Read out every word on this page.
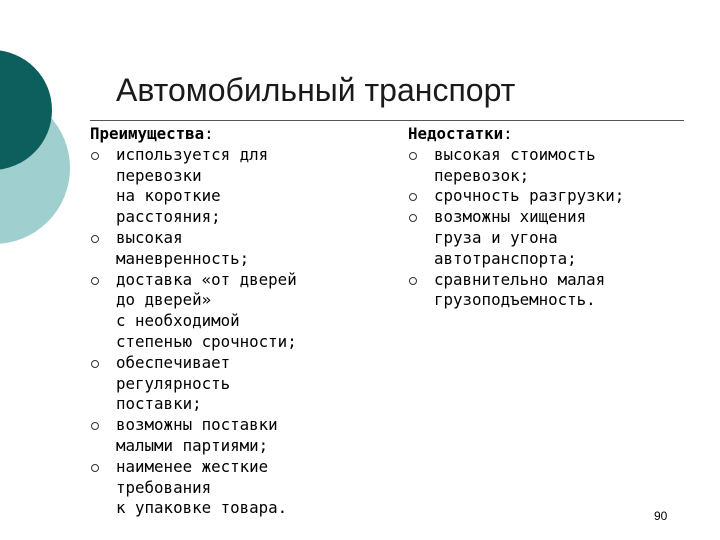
Автомобильный транспорт

Преимущества:

используется для
перевозки
на короткие
расстояния;
высокая
маневренность;
доставка «от дверей
до дверей»
с необходимой
степенью срочности;
обеспечивает
регулярность
поставки;
возможны поставки
малыми партиями;
наименее жесткие
требования
к упаковке товара.

Недостатки:

высокая стоимость
перевозок;
срочность разгрузки;
возможны хищения
груза и угона
автотранспорта;
сравнительно малая
грузоподъемность.
90
